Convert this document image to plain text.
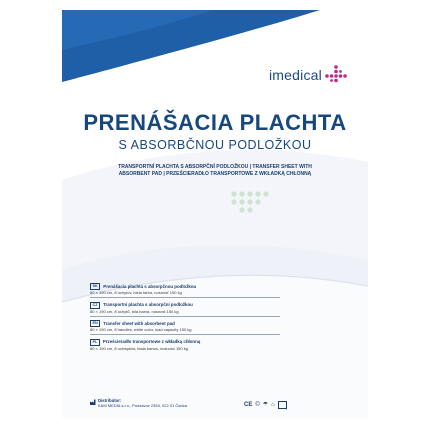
imedical
PRENÁŠACIA PLACHTA
S ABSORBČNOU PODLOŽKOU
TRANSPORTNÍ PLACHTA S ABSORPČNÍ PODLOŽKOU | TRANSFER SHEET WITH
ABSORBENT PAD | PRZEŚCIERADŁO TRANSPORTOWE Z WKŁADKĄ CHŁONNĄ
SK	Prenášacia plachta s absorpčnou podložkou
80 × 190 cm, 8 úchytov, biela farba, nosnosť 150 kg
CZ	Transportní plachta s absorpční podložkou
80 × 190 cm, 8 úchytů, bílá barva, nosnost 150 kg
EN	Transfer sheet with absorbent pad
80 × 190 cm, 8 handles, white color, load capacity 150 kg
PL	Prześcieradło transportowe z wkładką chłonną
80 × 190 cm, 8 uchwytów, biała barwa, nośność 150 kg
Distribútor:
K&M MEDIA s.r.o., Podzávoz 2353, 022 01 Čadca	CE © ☂ ⌂ |←→|
